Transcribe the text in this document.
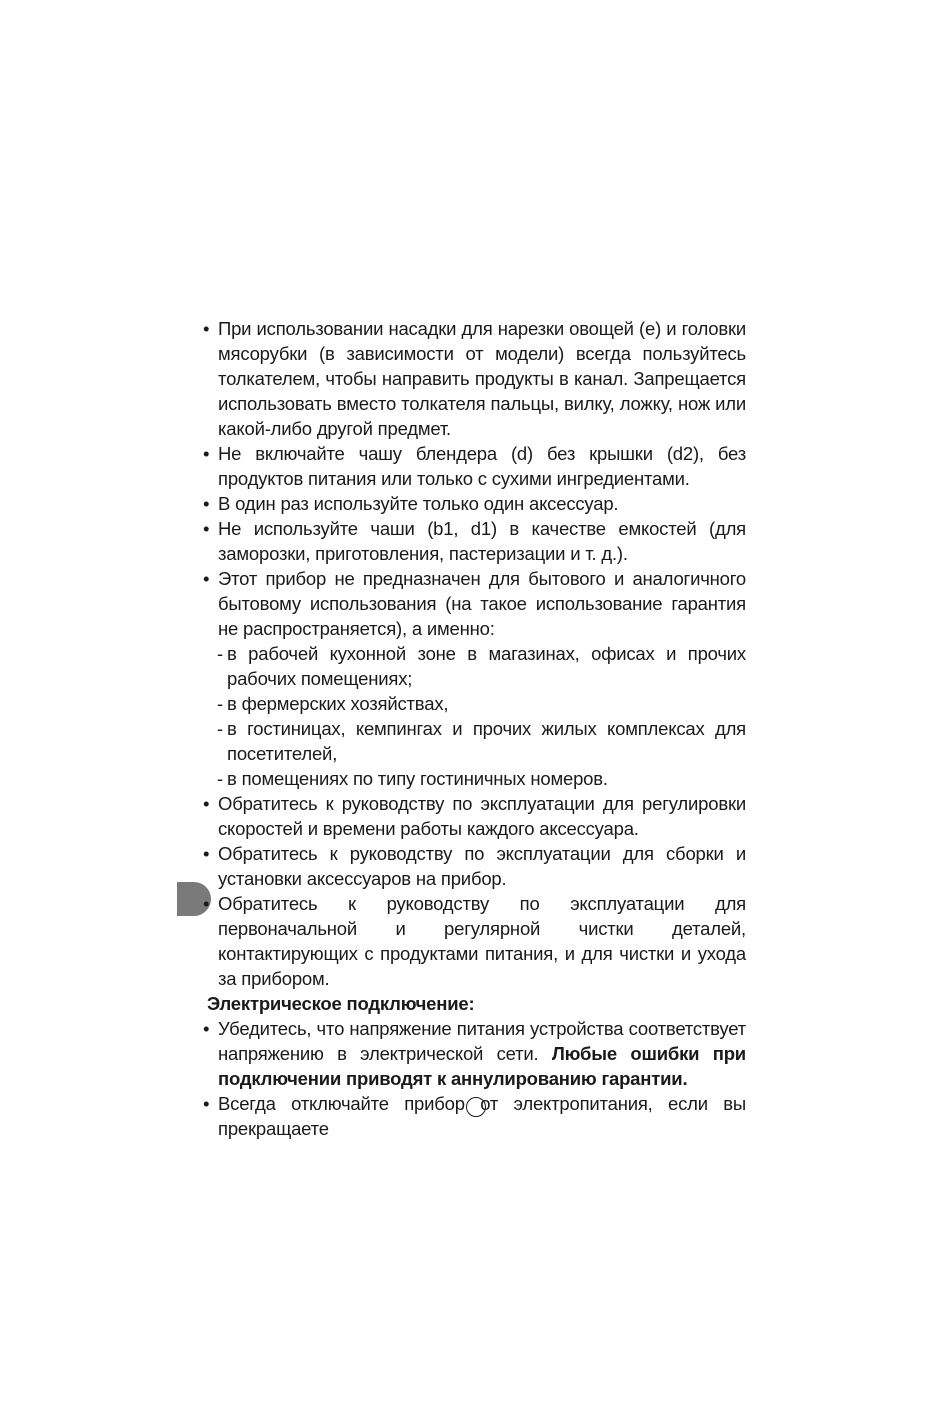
• При использовании насадки для нарезки овощей (e) и головки мясорубки (в зависимости от модели) всегда пользуйтесь толкателем, чтобы направить продукты в канал. Запрещается использовать вместо толкателя пальцы, вилку, ложку, нож или какой-либо другой предмет.
• Не включайте чашу блендера (d) без крышки (d2), без продуктов питания или только с сухими ингредиентами.
• В один раз используйте только один аксессуар.
• Не используйте чаши (b1, d1) в качестве емкостей (для заморозки, приготовления, пастеризации и т. д.).
• Этот прибор не предназначен для бытового и аналогичного бытовому использования (на такое использование гарантия не распространяется), а именно:
- в рабочей кухонной зоне в магазинах, офисах и прочих рабочих помещениях;
- в фермерских хозяйствах,
- в гостиницах, кемпингах и прочих жилых комплексах для посетителей,
- в помещениях по типу гостиничных номеров.
• Обратитесь к руководству по эксплуатации для регулировки скоростей и времени работы каждого аксессуара.
• Обратитесь к руководству по эксплуатации для сборки и установки аксессуаров на прибор.
• Обратитесь к руководству по эксплуатации для первоначальной и регулярной чистки деталей, контактирующих с продуктами питания, и для чистки и ухода за прибором.
Электрическое подключение:
• Убедитесь, что напряжение питания устройства соответствует напряжению в электрической сети. Любые ошибки при подключении приводят к аннулированию гарантии.
• Всегда отключайте прибор от электропитания, если вы прекращаете
